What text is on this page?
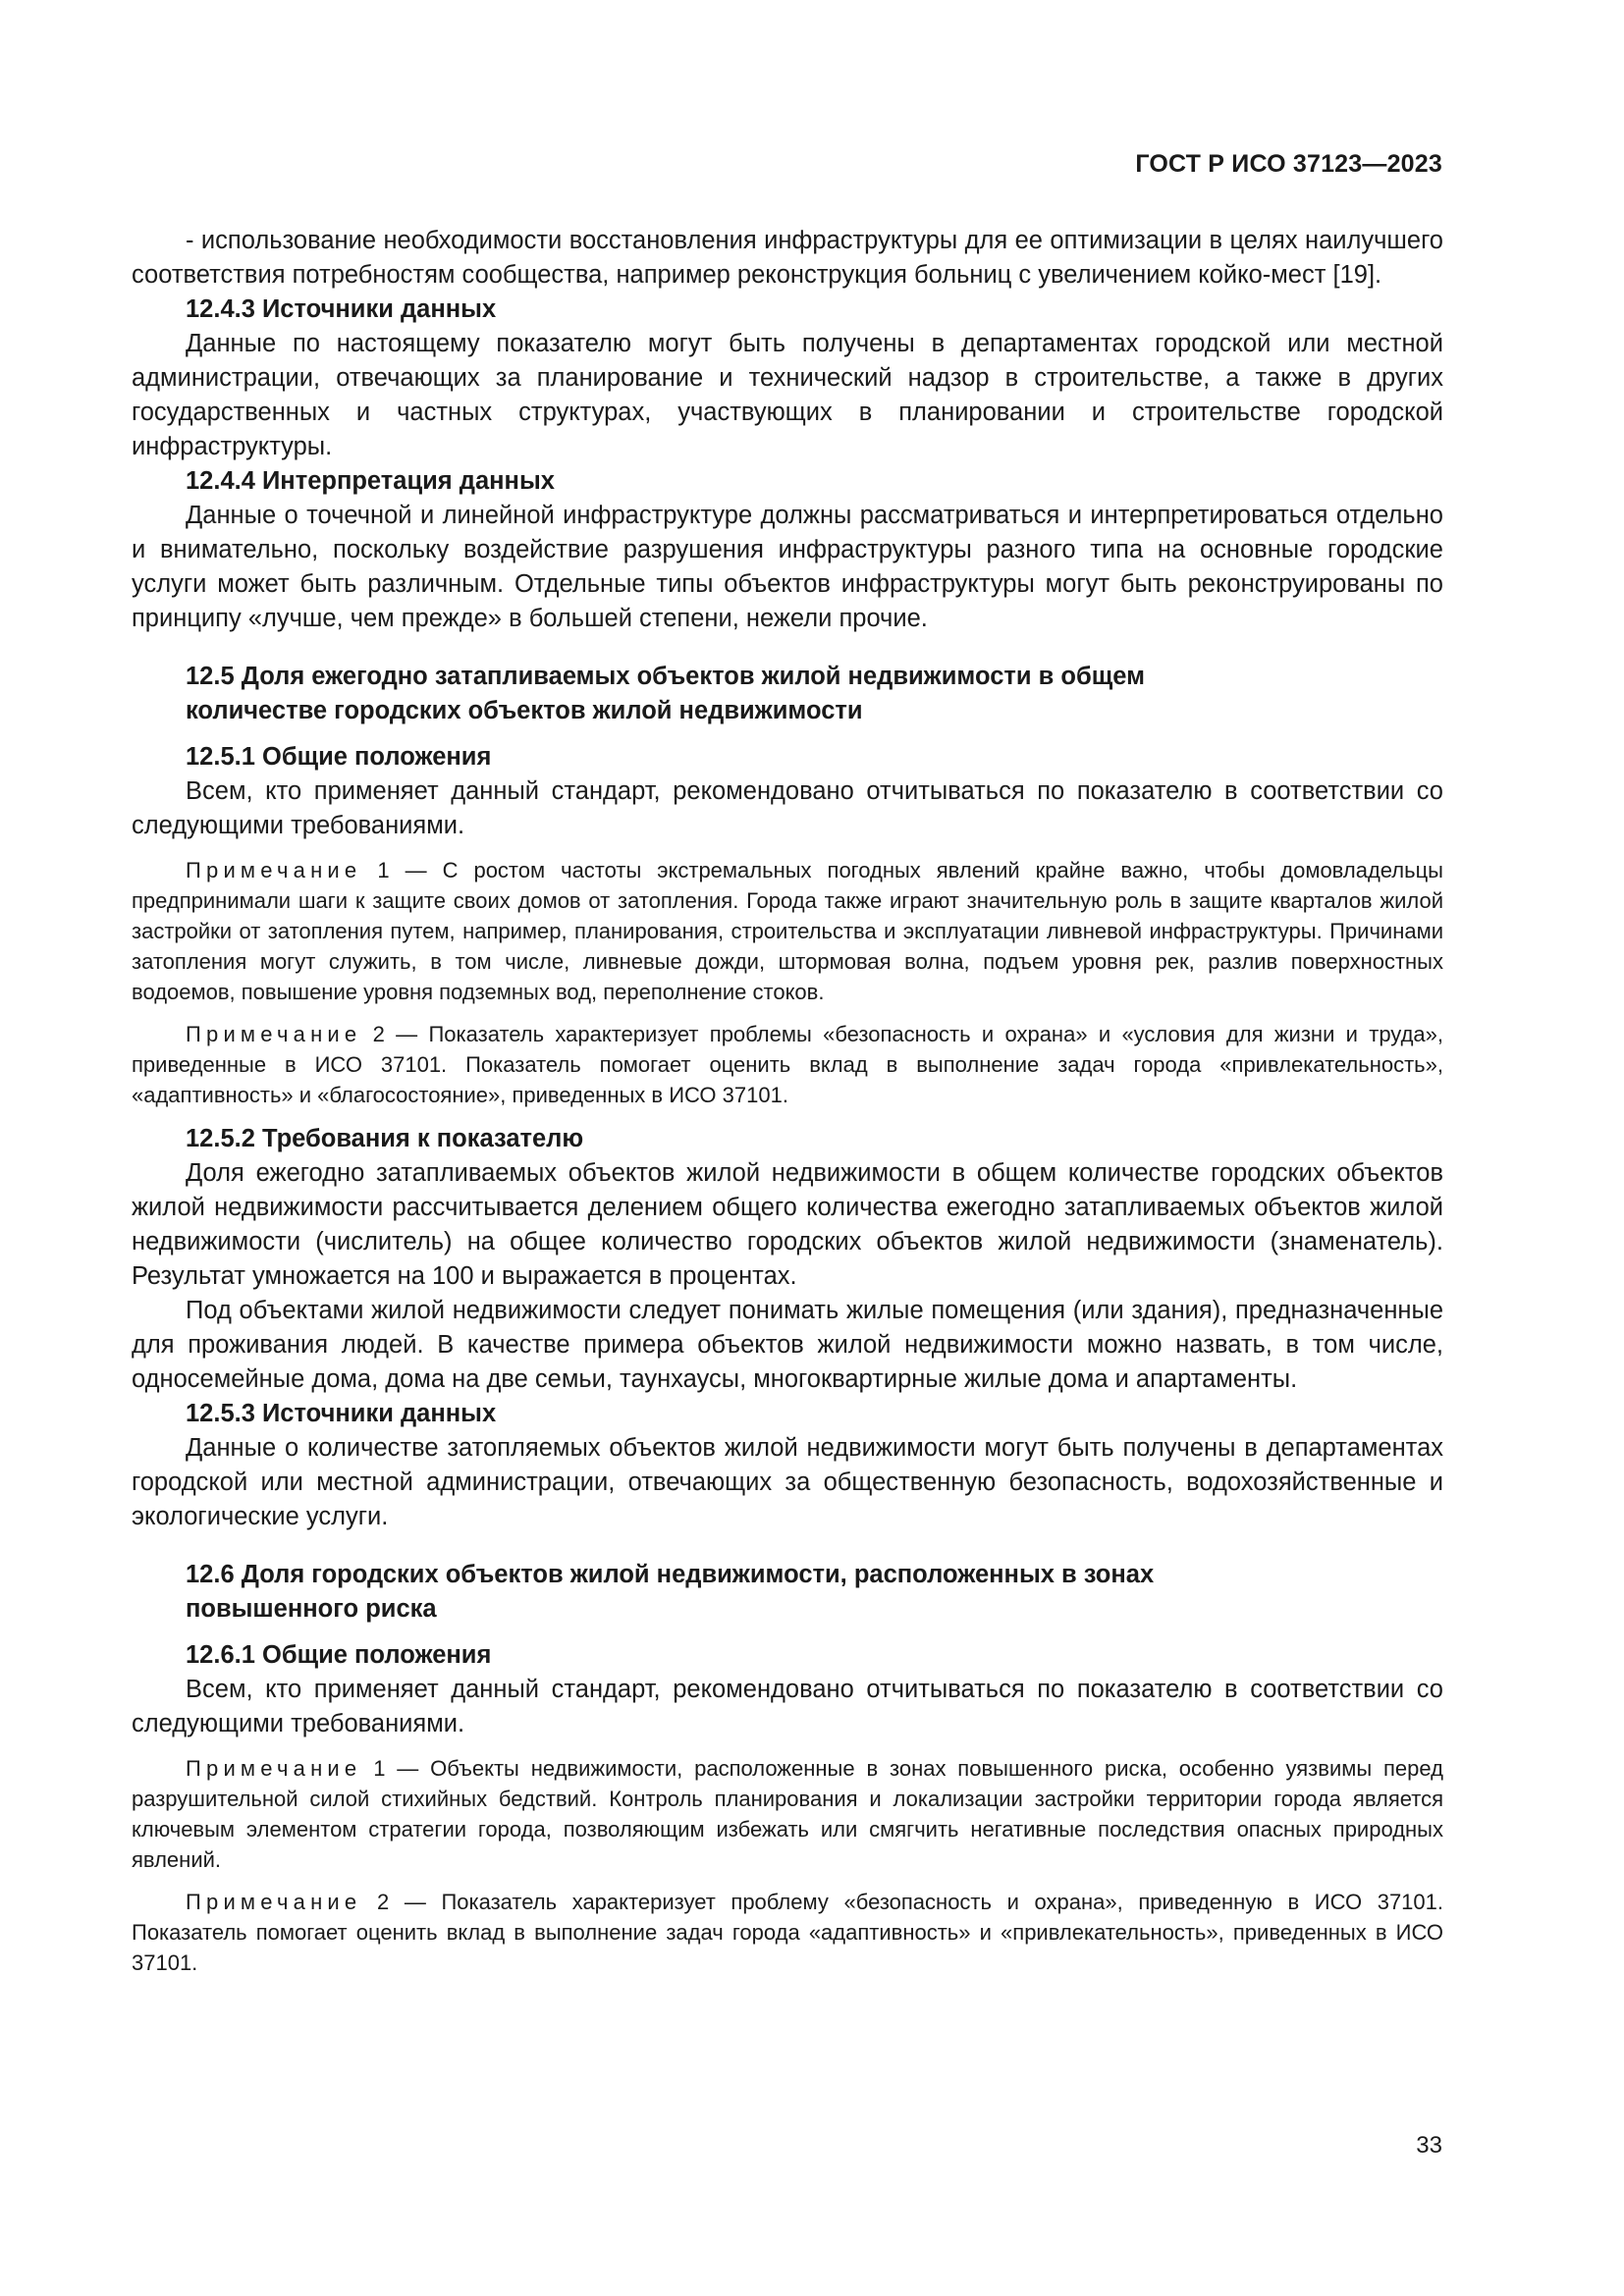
ГОСТ Р ИСО 37123—2023

- использование необходимости восстановления инфраструктуры для ее оптимизации в целях наилучшего соответствия потребностям сообщества, например реконструкция больниц с увеличением койко-мест [19].

12.4.3 Источники данных

Данные по настоящему показателю могут быть получены в департаментах городской или местной администрации, отвечающих за планирование и технический надзор в строительстве, а также в других государственных и частных структурах, участвующих в планировании и строительстве городской инфраструктуры.

12.4.4 Интерпретация данных

Данные о точечной и линейной инфраструктуре должны рассматриваться и интерпретироваться отдельно и внимательно, поскольку воздействие разрушения инфраструктуры разного типа на основные городские услуги может быть различным. Отдельные типы объектов инфраструктуры могут быть реконструированы по принципу «лучше, чем прежде» в большей степени, нежели прочие.

12.5 Доля ежегодно затапливаемых объектов жилой недвижимости в общем количестве городских объектов жилой недвижимости

12.5.1 Общие положения

Всем, кто применяет данный стандарт, рекомендовано отчитываться по показателю в соответствии со следующими требованиями.

Примечание 1 — С ростом частоты экстремальных погодных явлений крайне важно, чтобы домовладельцы предпринимали шаги к защите своих домов от затопления. Города также играют значительную роль в защите кварталов жилой застройки от затопления путем, например, планирования, строительства и эксплуатации ливневой инфраструктуры. Причинами затопления могут служить, в том числе, ливневые дожди, штормовая волна, подъем уровня рек, разлив поверхностных водоемов, повышение уровня подземных вод, переполнение стоков.

Примечание 2 — Показатель характеризует проблемы «безопасность и охрана» и «условия для жизни и труда», приведенные в ИСО 37101. Показатель помогает оценить вклад в выполнение задач города «привлекательность», «адаптивность» и «благосостояние», приведенных в ИСО 37101.

12.5.2 Требования к показателю

Доля ежегодно затапливаемых объектов жилой недвижимости в общем количестве городских объектов жилой недвижимости рассчитывается делением общего количества ежегодно затапливаемых объектов жилой недвижимости (числитель) на общее количество городских объектов жилой недвижимости (знаменатель). Результат умножается на 100 и выражается в процентах.

Под объектами жилой недвижимости следует понимать жилые помещения (или здания), предназначенные для проживания людей. В качестве примера объектов жилой недвижимости можно назвать, в том числе, односемейные дома, дома на две семьи, таунхаусы, многоквартирные жилые дома и апартаменты.

12.5.3 Источники данных

Данные о количестве затопляемых объектов жилой недвижимости могут быть получены в департаментах городской или местной администрации, отвечающих за общественную безопасность, водохозяйственные и экологические услуги.

12.6 Доля городских объектов жилой недвижимости, расположенных в зонах повышенного риска

12.6.1 Общие положения

Всем, кто применяет данный стандарт, рекомендовано отчитываться по показателю в соответствии со следующими требованиями.

Примечание 1 — Объекты недвижимости, расположенные в зонах повышенного риска, особенно уязвимы перед разрушительной силой стихийных бедствий. Контроль планирования и локализации застройки территории города является ключевым элементом стратегии города, позволяющим избежать или смягчить негативные последствия опасных природных явлений.

Примечание 2 — Показатель характеризует проблему «безопасность и охрана», приведенную в ИСО 37101. Показатель помогает оценить вклад в выполнение задач города «адаптивность» и «привлекательность», приведенных в ИСО 37101.

33
